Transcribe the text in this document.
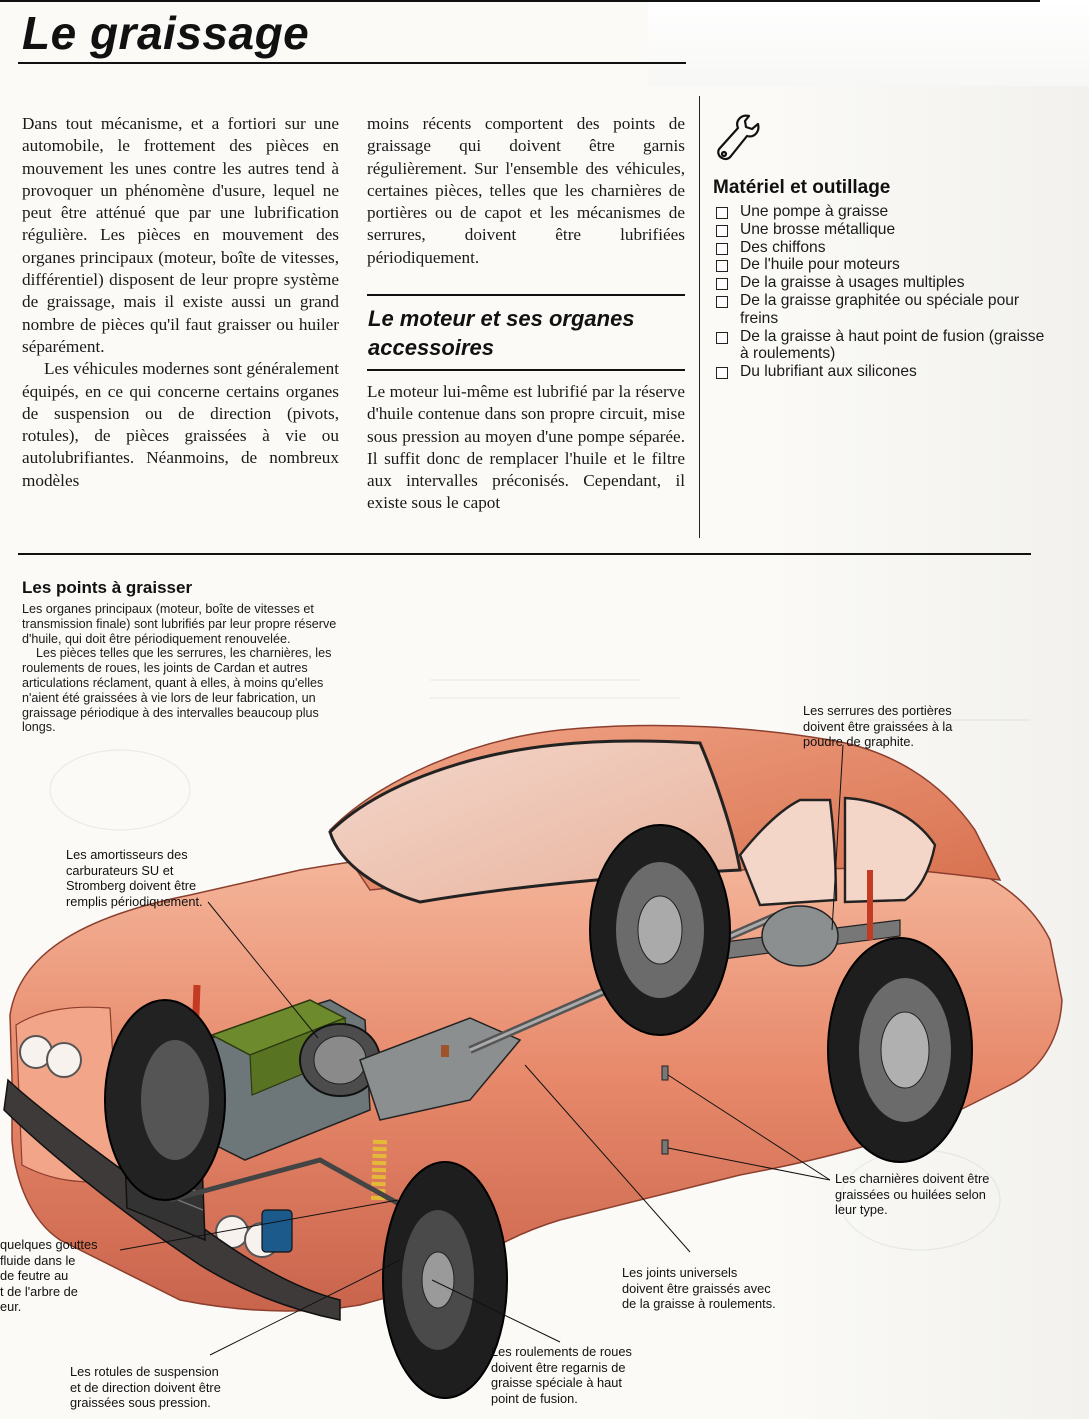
Le graissage

Dans tout mécanisme, et a fortiori sur une automobile, le frottement des pièces en mouvement les unes contre les autres tend à provoquer un phénomène d'usure, lequel ne peut être atténué que par une lubrification régulière. Les pièces en mouvement des organes principaux (moteur, boîte de vitesses, différentiel) disposent de leur propre système de graissage, mais il existe aussi un grand nombre de pièces qu'il faut graisser ou huiler séparément.

Les véhicules modernes sont généralement équipés, en ce qui concerne certains organes de suspension ou de direction (pivots, rotules), de pièces graissées à vie ou autolubrifiantes. Néanmoins, de nombreux modèles

moins récents comportent des points de graissage qui doivent être garnis régulièrement. Sur l'ensemble des véhicules, certaines pièces, telles que les charnières de portières ou de capot et les mécanismes de serrures, doivent être lubrifiées périodiquement.

Le moteur et ses organes accessoires

Le moteur lui-même est lubrifié par la réserve d'huile contenue dans son propre circuit, mise sous pression au moyen d'une pompe séparée. Il suffit donc de remplacer l'huile et le filtre aux intervalles préconisés. Cependant, il existe sous le capot

Matériel et outillage
Une pompe à graisse
Une brosse métallique
Des chiffons
De l'huile pour moteurs
De la graisse à usages multiples
De la graisse graphitée ou spéciale pour freins
De la graisse à haut point de fusion (graisse à roulements)
Du lubrifiant aux silicones
Les points à graisser

Les organes principaux (moteur, boîte de vitesses et transmission finale) sont lubrifiés par leur propre réserve d'huile, qui doit être périodiquement renouvelée.

Les pièces telles que les serrures, les charnières, les roulements de roues, les joints de Cardan et autres articulations réclament, quant à elles, à moins qu'elles n'aient été graissées à vie lors de leur fabrication, un graissage périodique à des intervalles beaucoup plus longs.

Les serrures des portières
doivent être graissées à la
poudre de graphite.

Les amortisseurs des
carburateurs SU et
Stromberg doivent être
remplis périodiquement.

Les charnières doivent être
graissées ou huilées selon
leur type.

quelques gouttes
fluide dans le
de feutre au
t de l'arbre de
eur.

Les joints universels
doivent être graissés avec
de la graisse à roulements.

Les roulements de roues
doivent être regarnis de
graisse spéciale à haut
point de fusion.

Les rotules de suspension
et de direction doivent être
graissées sous pression.
